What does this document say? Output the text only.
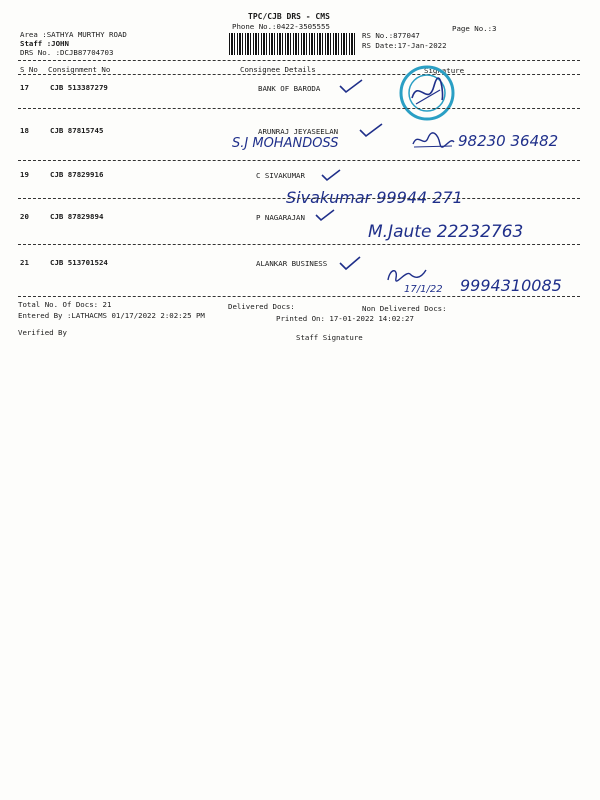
TPC/CJB DRS - CMS
Phone No.:0422-3505555	Page No.:3
Area :SATHYA MURTHY ROAD
Staff :JOHN
DRS No. :DCJB87704703
RS No.:877047
RS Date:17-Jan-2022
S No Consignment No	Consignee Details	Signature
17	CJB 513387279	BANK OF BARODA
18	CJB 87815745	ARUNRAJ JEYASEELAN
S.J MOHANDOSS	98230 36482
19	CJB 87829916	C SIVAKUMAR
Sivakumar 99944 271
20	CJB 87829894	P NAGARAJAN
M.Jaute 22232763
21	CJB 513701524	ALANKAR BUSINESS
17/1/22 9994310085
Total No. Of Docs: 21	Delivered Docs:	Non Delivered Docs:
Entered By :LATHACMS 01/17/2022 2:02:25 PM	Printed On: 17-01-2022 14:02:27
Verified By
Staff Signature
